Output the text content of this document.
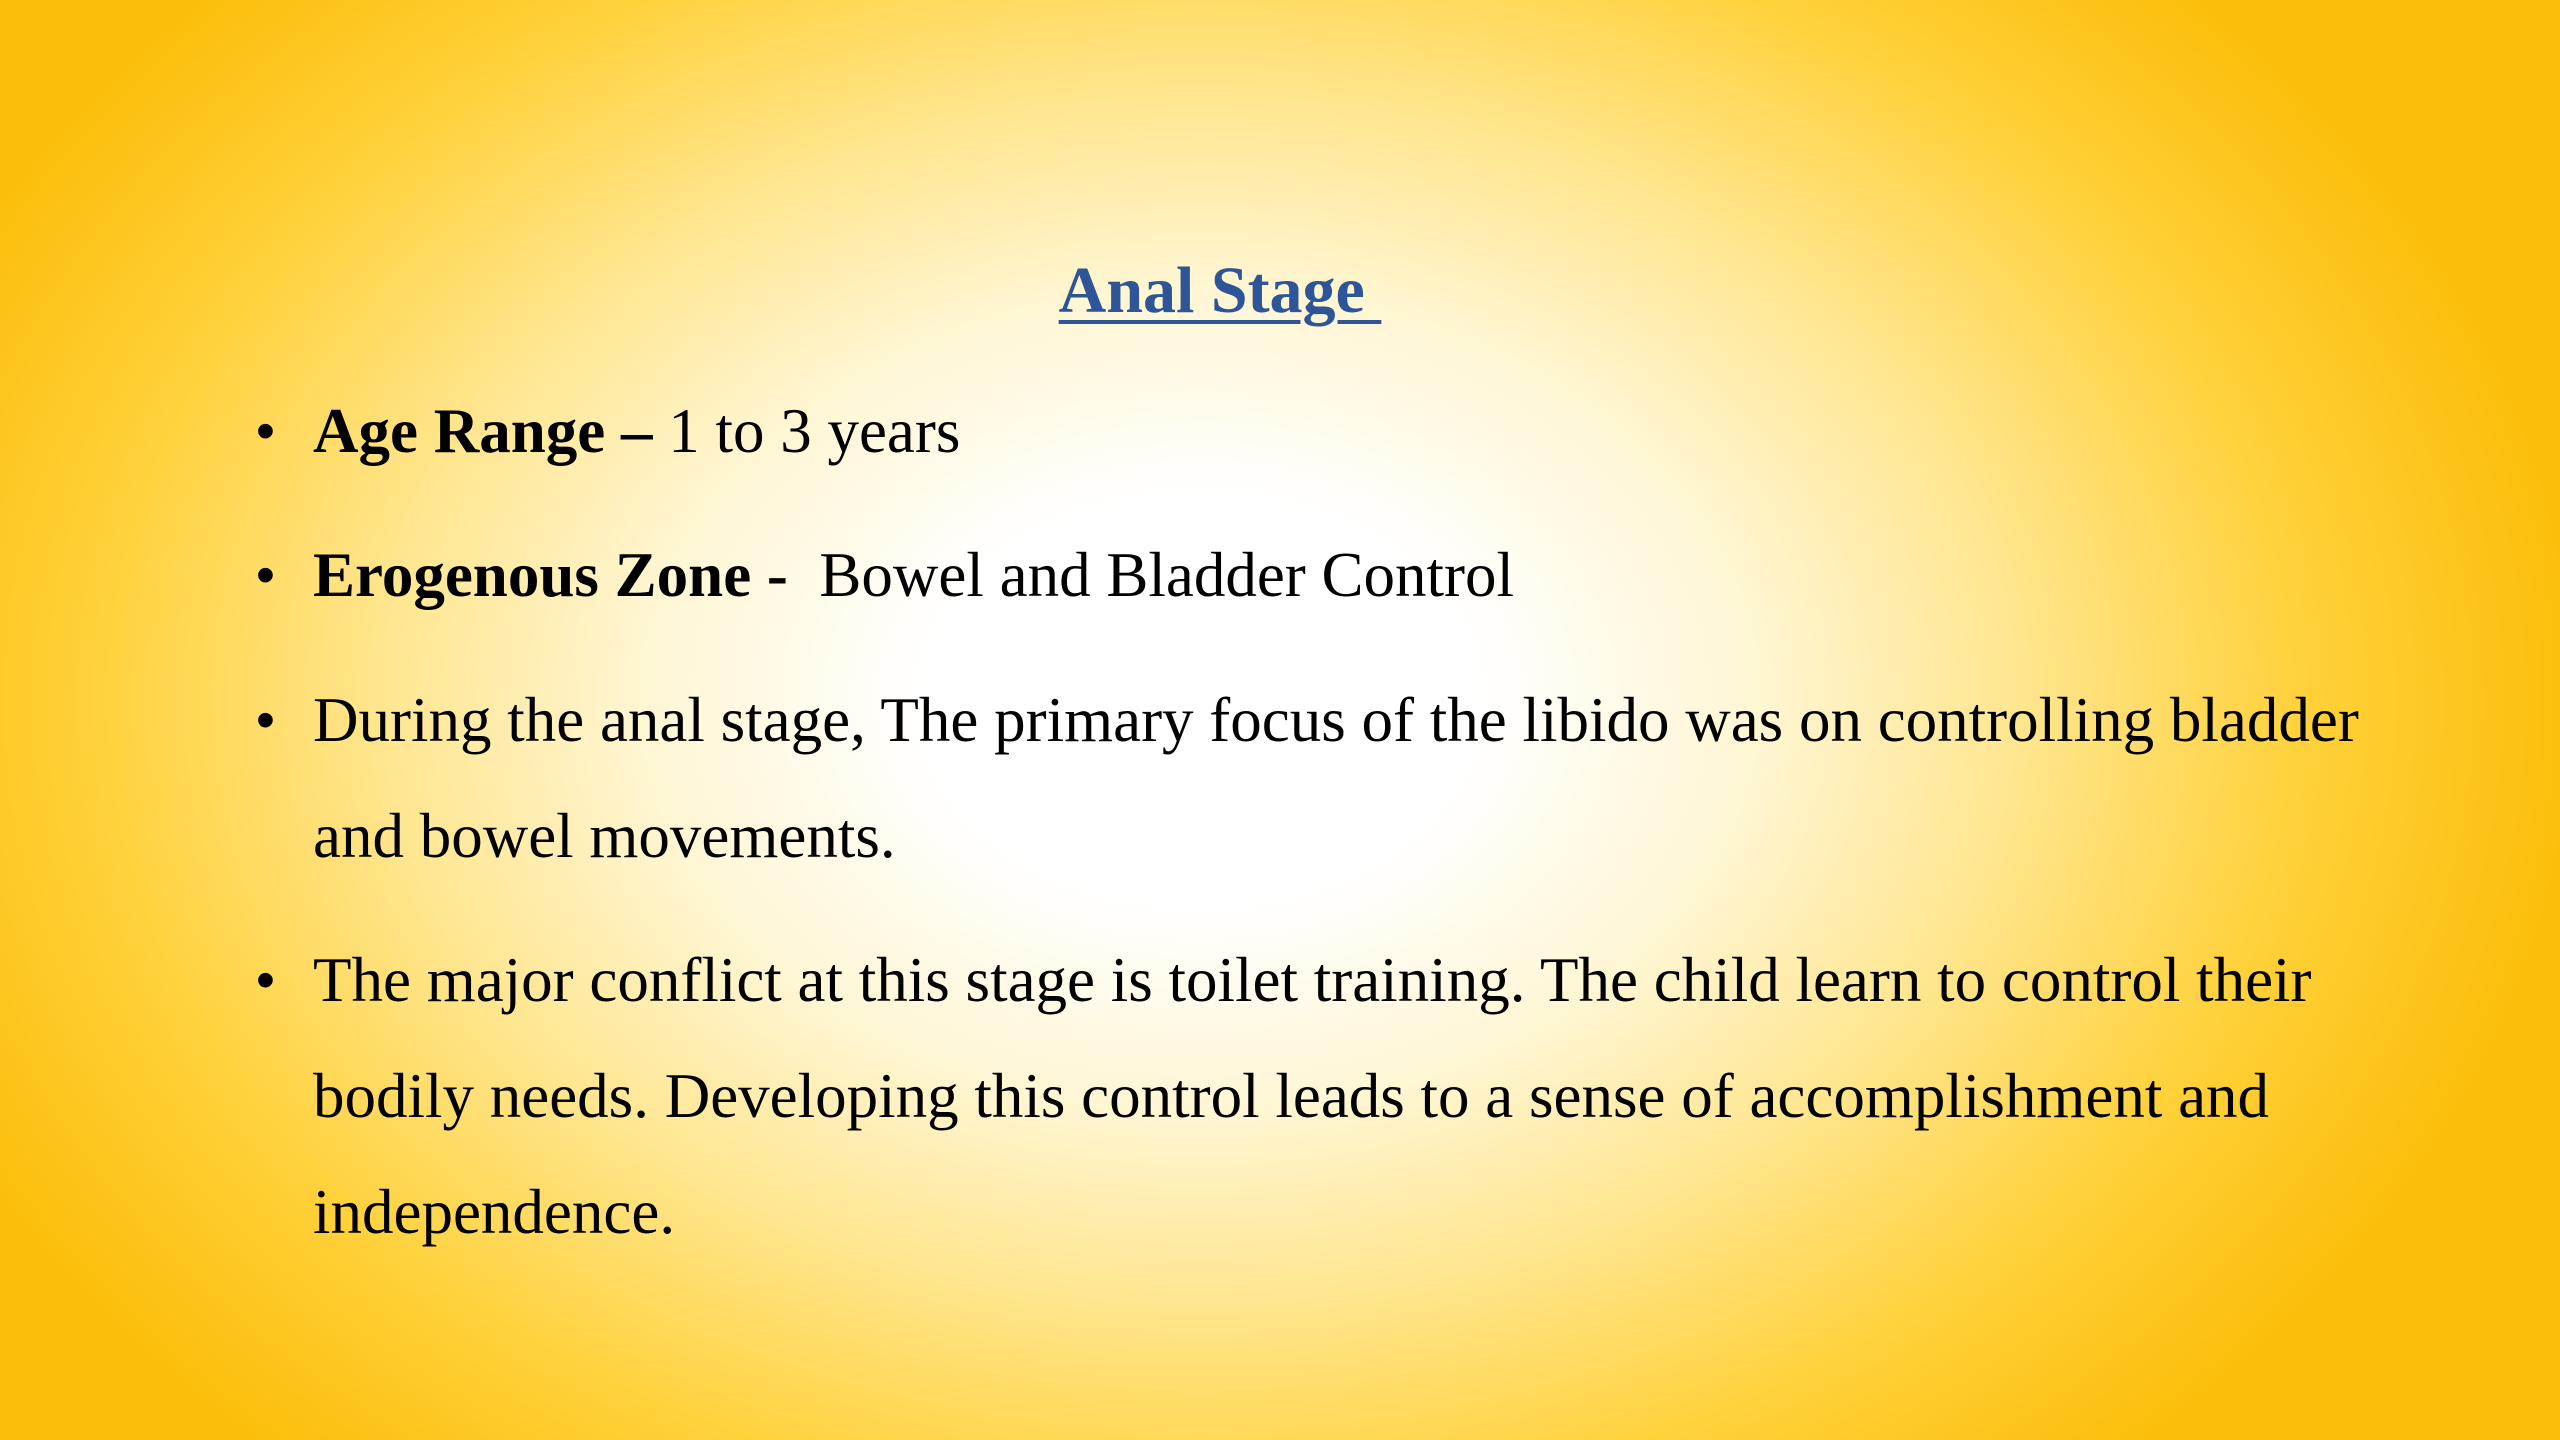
Anal Stage
• Age Range – 1 to 3 years
• Erogenous Zone - Bowel and Bladder Control
• During the anal stage, The primary focus of the libido was on controlling bladder and bowel movements.
• The major conflict at this stage is toilet training. The child learn to control their bodily needs. Developing this control leads to a sense of accomplishment and independence.
